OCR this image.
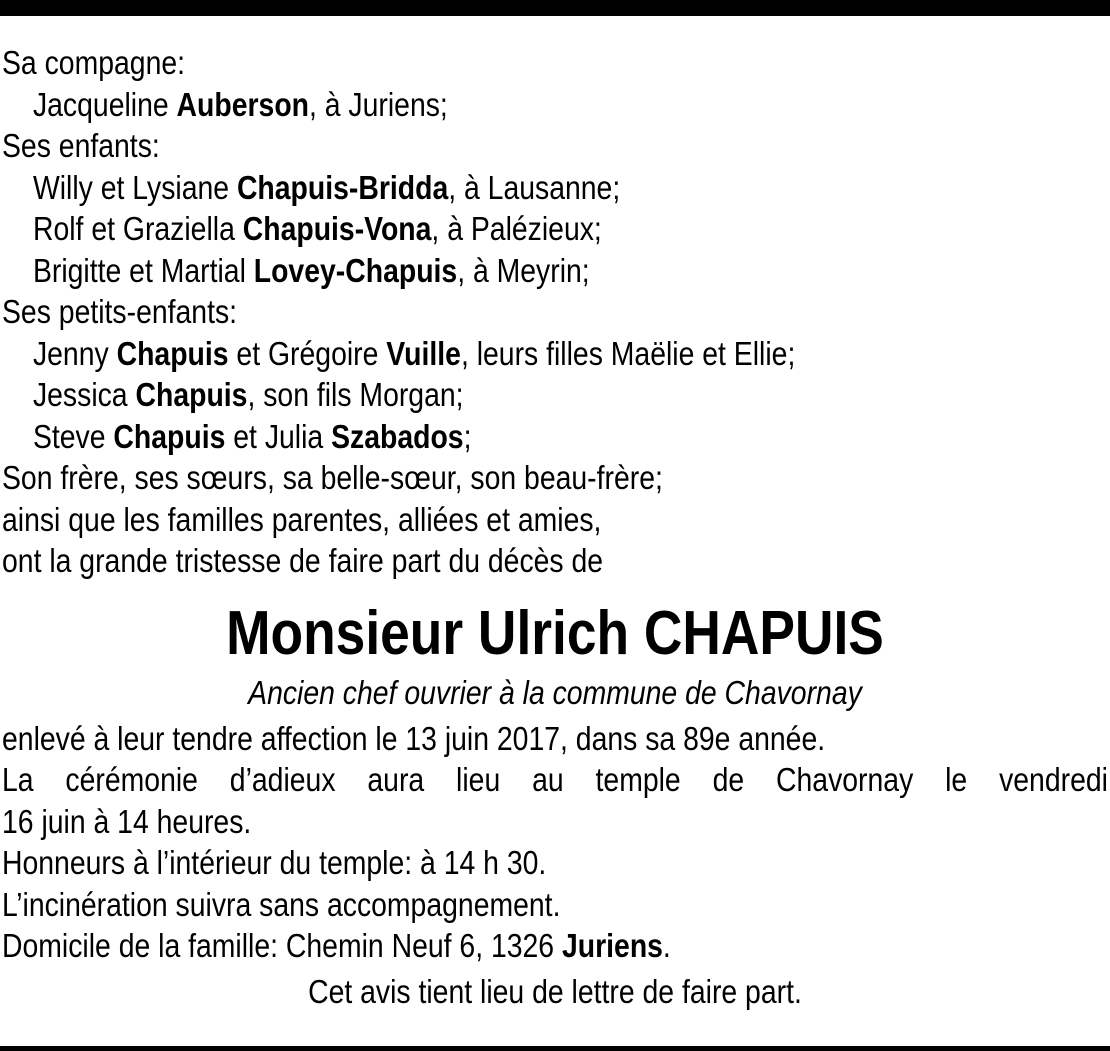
Sa compagne:
Jacqueline Auberson, à Juriens;
Ses enfants:
Willy et Lysiane Chapuis-Bridda, à Lausanne;
Rolf et Graziella Chapuis-Vona, à Palézieux;
Brigitte et Martial Lovey-Chapuis, à Meyrin;
Ses petits-enfants:
Jenny Chapuis et Grégoire Vuille, leurs filles Maëlie et Ellie;
Jessica Chapuis, son fils Morgan;
Steve Chapuis et Julia Szabados;
Son frère, ses sœurs, sa belle-sœur, son beau-frère;
ainsi que les familles parentes, alliées et amies,
ont la grande tristesse de faire part du décès de
Monsieur Ulrich CHAPUIS
Ancien chef ouvrier à la commune de Chavornay
enlevé à leur tendre affection le 13 juin 2017, dans sa 89e année.
La cérémonie d’adieux aura lieu au temple de Chavornay le vendredi
16 juin à 14 heures.
Honneurs à l’intérieur du temple: à 14 h 30.
L’incinération suivra sans accompagnement.
Domicile de la famille: Chemin Neuf 6, 1326 Juriens.
Cet avis tient lieu de lettre de faire part.
